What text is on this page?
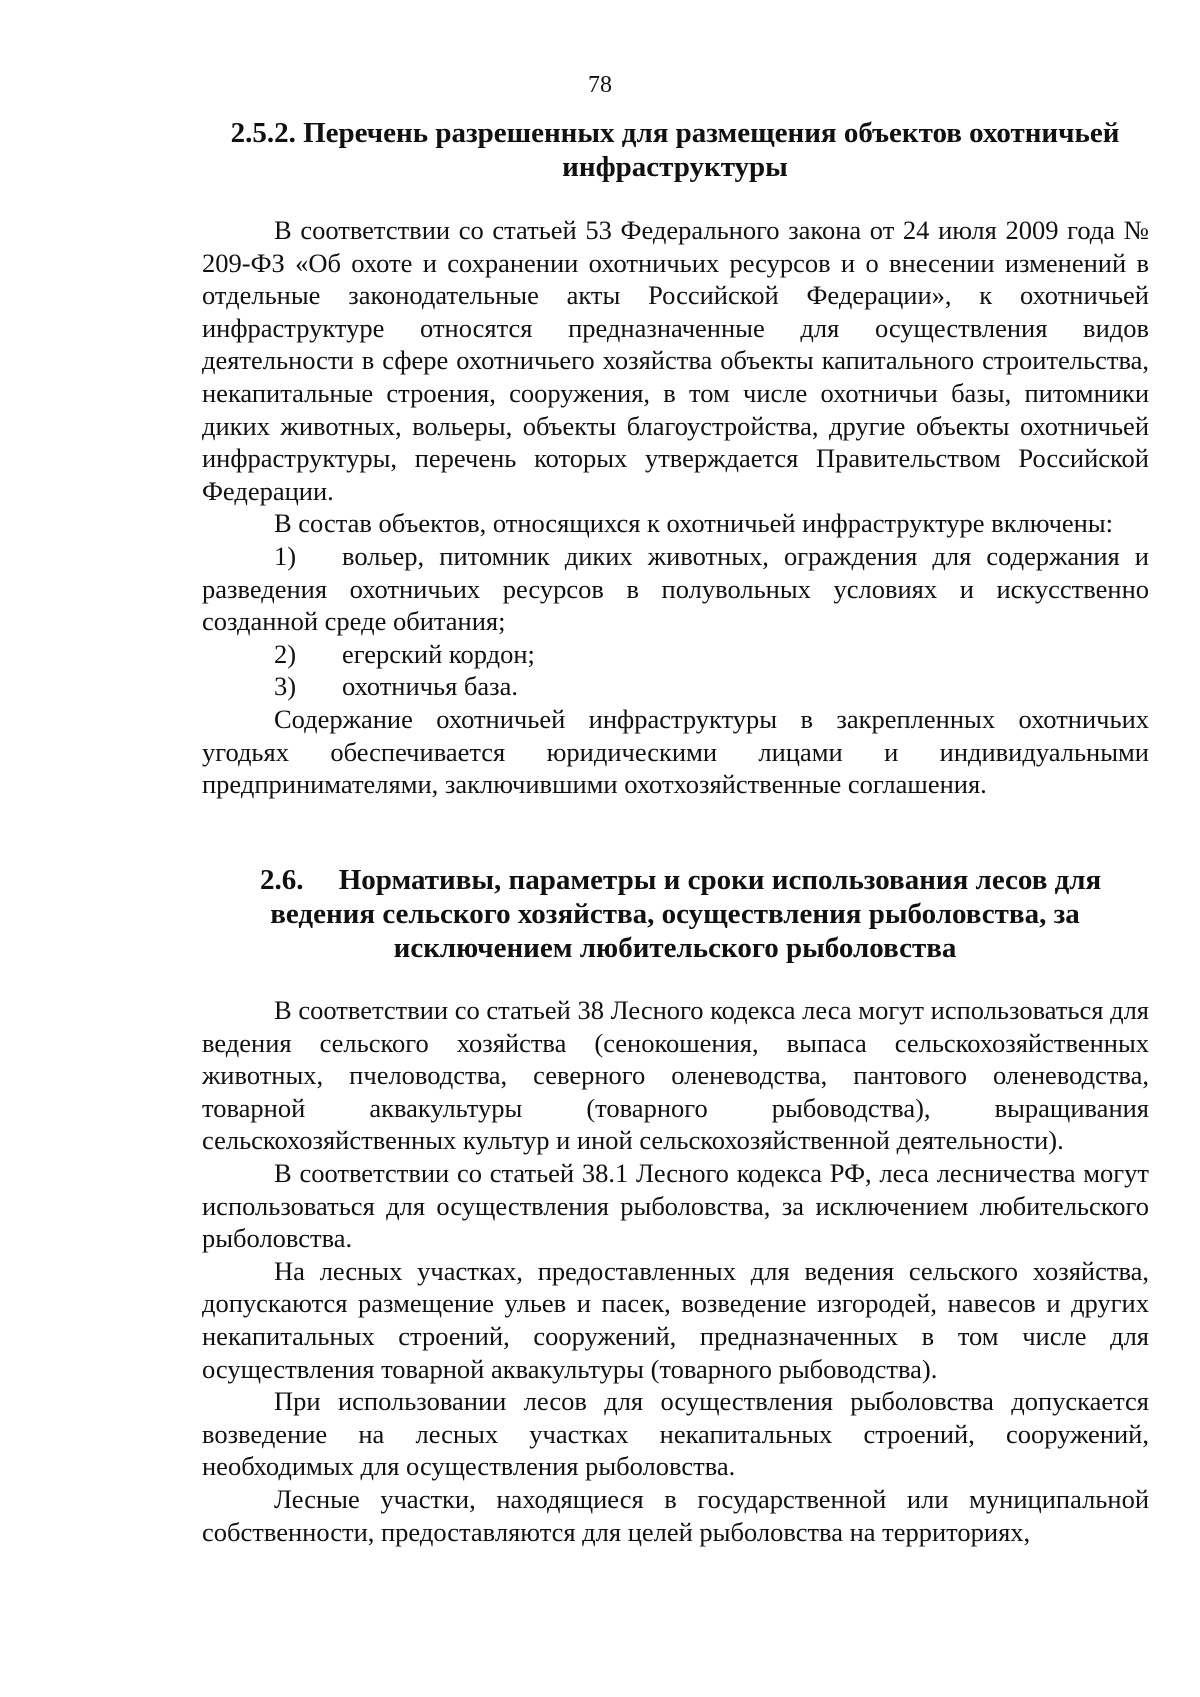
78
2.5.2. Перечень разрешенных для размещения объектов охотничьей
инфраструктуры

В соответствии со статьей 53 Федерального закона от 24 июля 2009 года № 209-ФЗ «Об охоте и сохранении охотничьих ресурсов и о внесении изменений в отдельные законодательные акты Российской Федерации», к охотничьей инфраструктуре относятся предназначенные для осуществления видов деятельности в сфере охотничьего хозяйства объекты капитального строительства, некапитальные строения, сооружения, в том числе охотничьи базы, питомники диких животных, вольеры, объекты благоустройства, другие объекты охотничьей инфраструктуры, перечень которых утверждается Правительством Российской Федерации.

В состав объектов, относящихся к охотничьей инфраструктуре включены:

1) вольер, питомник диких животных, ограждения для содержания и разведения охотничьих ресурсов в полувольных условиях и искусственно созданной среде обитания;

2) егерский кордон;

3) охотничья база.

Содержание охотничьей инфраструктуры в закрепленных охотничьих угодьях обеспечивается юридическими лицами и индивидуальными предпринимателями, заключившими охотхозяйственные соглашения.

2.6. Нормативы, параметры и сроки использования лесов для
ведения сельского хозяйства, осуществления рыболовства, за
исключением любительского рыболовства

В соответствии со статьей 38 Лесного кодекса леса могут использоваться для ведения сельского хозяйства (сенокошения, выпаса сельскохозяйственных животных, пчеловодства, северного оленеводства, пантового оленеводства, товарной аквакультуры (товарного рыбоводства), выращивания сельскохозяйственных культур и иной сельскохозяйственной деятельности).

В соответствии со статьей 38.1 Лесного кодекса РФ, леса лесничества могут использоваться для осуществления рыболовства, за исключением любительского рыболовства.

На лесных участках, предоставленных для ведения сельского хозяйства, допускаются размещение ульев и пасек, возведение изгородей, навесов и других некапитальных строений, сооружений, предназначенных в том числе для осуществления товарной аквакультуры (товарного рыбоводства).

При использовании лесов для осуществления рыболовства допускается возведение на лесных участках некапитальных строений, сооружений, необходимых для осуществления рыболовства.

Лесные участки, находящиеся в государственной или муниципальной собственности, предоставляются для целей рыболовства на территориях,
